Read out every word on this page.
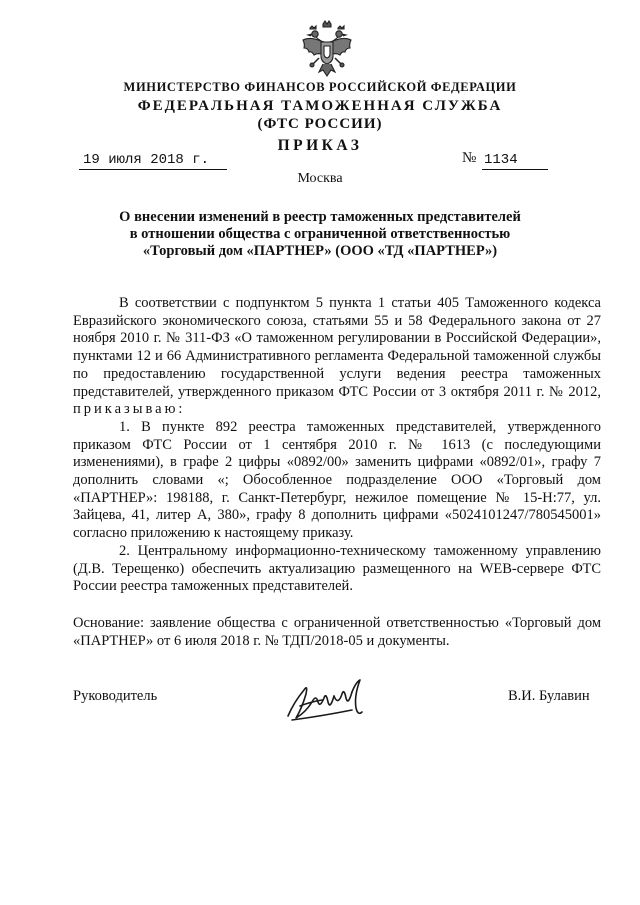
МИНИСТЕРСТВО ФИНАНСОВ РОССИЙСКОЙ ФЕДЕРАЦИИ
ФЕДЕРАЛЬНАЯ ТАМОЖЕННАЯ СЛУЖБА
(ФТС РОССИИ)
ПРИКАЗ
19 июля 2018 г.	№ 1134
Москва
О внесении изменений в реестр таможенных представителей
в отношении общества с ограниченной ответственностью
«Торговый дом «ПАРТНЕР» (ООО «ТД «ПАРТНЕР»)

В соответствии с подпунктом 5 пункта 1 статьи 405 Таможенного кодекса Евразийского экономического союза, статьями 55 и 58 Федерального закона от 27 ноября 2010 г. № 311-ФЗ «О таможенном регулировании в Российской Федерации», пунктами 12 и 66 Административного регламента Федеральной таможенной службы по предоставлению государственной услуги ведения реестра таможенных представителей, утвержденного приказом ФТС России от 3 октября 2011 г. № 2012, приказываю:

1. В пункте 892 реестра таможенных представителей, утвержденного приказом ФТС России от 1 сентября 2010 г. № 1613 (с последующими изменениями), в графе 2 цифры «0892/00» заменить цифрами «0892/01», графу 7 дополнить словами «; Обособленное подразделение ООО «Торговый дом «ПАРТНЕР»: 198188, г. Санкт-Петербург, нежилое помещение № 15-Н:77, ул. Зайцева, 41, литер А, 380», графу 8 дополнить цифрами «5024101247/780545001» согласно приложению к настоящему приказу.

2. Центральному информационно-техническому таможенному управлению (Д.В. Терещенко) обеспечить актуализацию размещенного на WEB-сервере ФТС России реестра таможенных представителей.

Основание: заявление общества с ограниченной ответственностью «Торговый дом «ПАРТНЕР» от 6 июля 2018 г. № ТДП/2018-05 и документы.

Руководитель	В.И. Булавин
